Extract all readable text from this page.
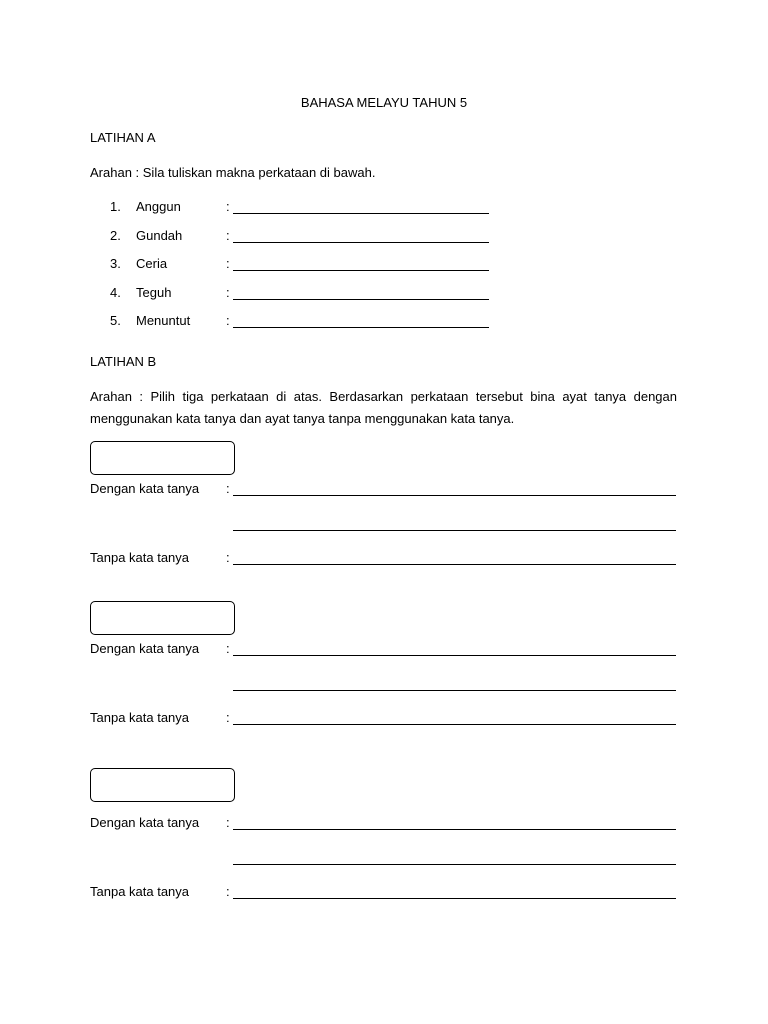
BAHASA MELAYU TAHUN 5
LATIHAN A
Arahan : Sila tuliskan makna perkataan di bawah.
1.	Anggun	:
2.	Gundah	:
3.	Ceria	:
4.	Teguh	:
5.	Menuntut	:
LATIHAN B
Arahan : Pilih tiga perkataan di atas. Berdasarkan perkataan tersebut bina ayat tanya dengan menggunakan kata tanya dan ayat tanya tanpa menggunakan kata tanya.
Dengan kata tanya :
Tanpa kata tanya	:
Dengan kata tanya :
Tanpa kata tanya	:
Dengan kata tanya :
Tanpa kata tanya	:
